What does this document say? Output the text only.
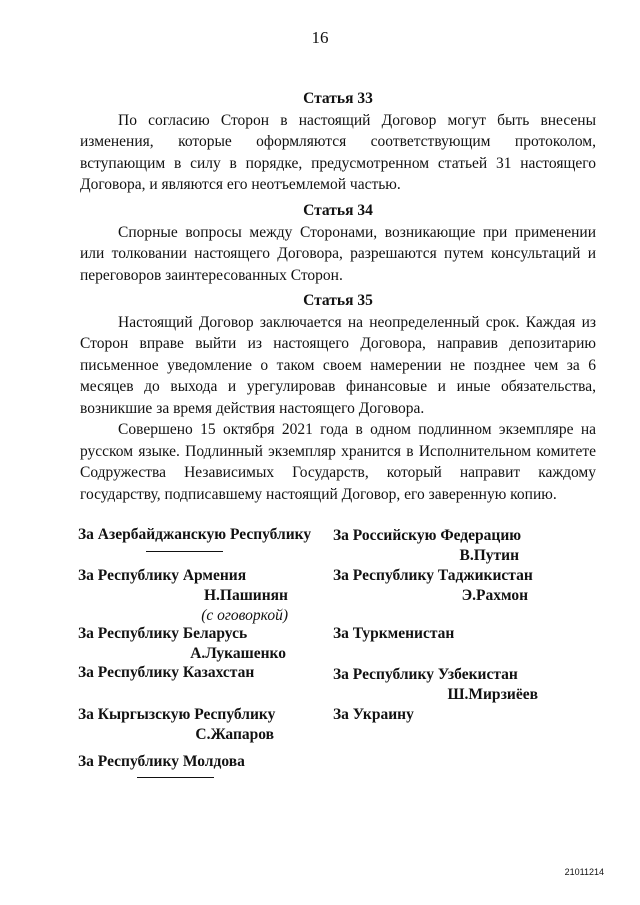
16
Статья 33

По согласию Сторон в настоящий Договор могут быть внесены изменения, которые оформляются соответствующим протоколом, вступающим в силу в порядке, предусмотренном статьей 31 настоящего Договора, и являются его неотъемлемой частью.

Статья 34

Спорные вопросы между Сторонами, возникающие при применении или толковании настоящего Договора, разрешаются путем консультаций и переговоров заинтересованных Сторон.

Статья 35

Настоящий Договор заключается на неопределенный срок. Каждая из Сторон вправе выйти из настоящего Договора, направив депозитарию письменное уведомление о таком своем намерении не позднее чем за 6 месяцев до выхода и урегулировав финансовые и иные обязательства, возникшие за время действия настоящего Договора.

Совершено 15 октября 2021 года в одном подлинном экземпляре на русском языке. Подлинный экземпляр хранится в Исполнительном комитете Содружества Независимых Государств, который направит каждому государству, подписавшему настоящий Договор, его заверенную копию.

За Азербайджанскую Республику
За Республику Армения
Н.Пашинян
(с оговоркой)
За Республику Беларусь
А.Лукашенко
За Республику Казахстан
За Кыргызскую Республику
С.Жапаров
За Республику Молдова
За Российскую Федерацию
В.Путин
За Республику Таджикистан
Э.Рахмон
За Туркменистан
За Республику Узбекистан
Ш.Мирзиёев
За Украину
21011214
